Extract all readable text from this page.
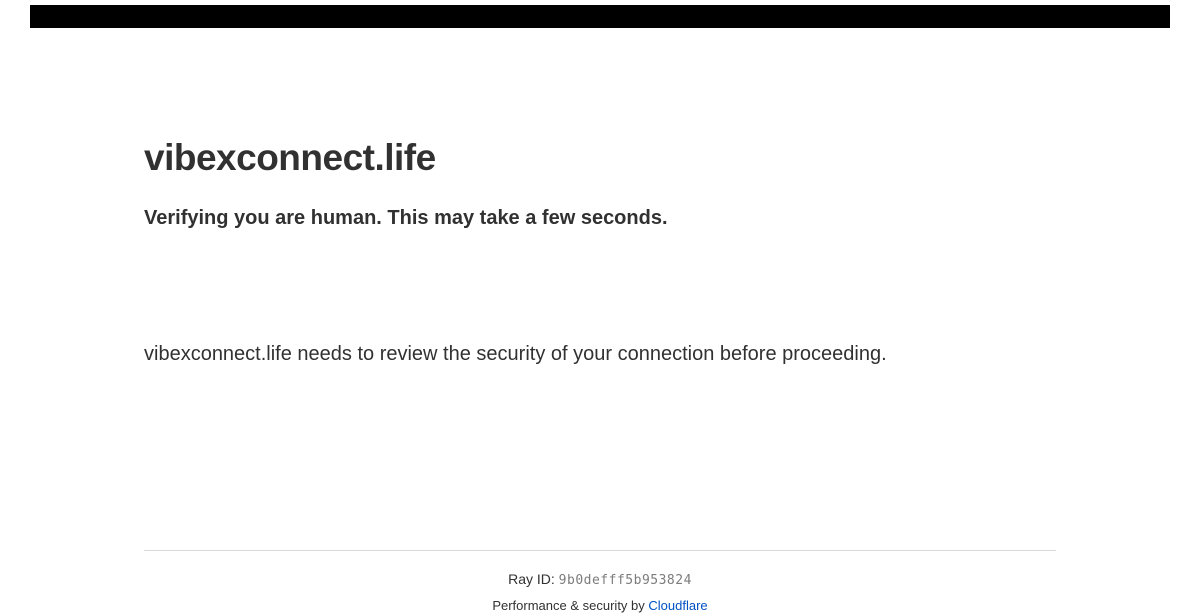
vibexconnect.life
Verifying you are human. This may take a few seconds.

vibexconnect.life needs to review the security of your connection before proceeding.

Ray ID: 9b0defff5b953824
Performance & security by Cloudflare
